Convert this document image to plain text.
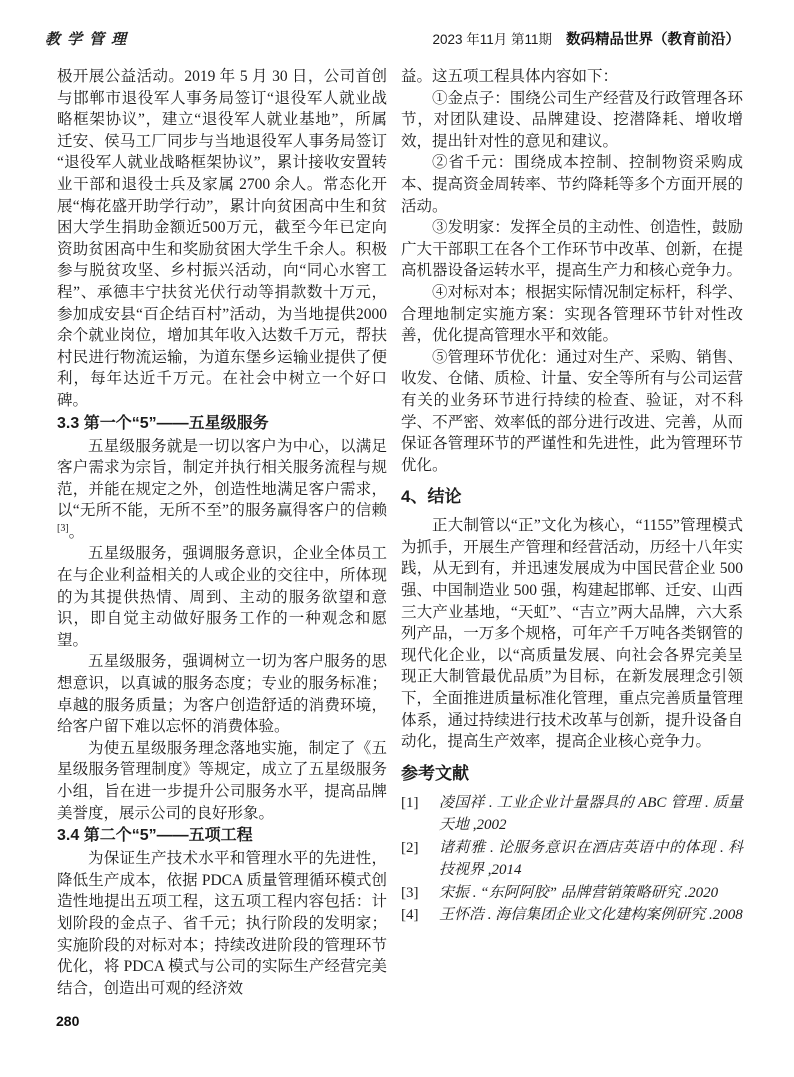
教学管理	2023 年11月 第11期 数码精品世界（教育前沿）

极开展公益活动。2019 年 5 月 30 日，公司首创与邯郸市退役军人事务局签订“退役军人就业战略框架协议”，建立“退役军人就业基地”，所属迁安、侯马工厂同步与当地退役军人事务局签订“退役军人就业战略框架协议”，累计接收安置转业干部和退役士兵及家属 2700 余人。常态化开展“梅花盛开助学行动”，累计向贫困高中生和贫困大学生捐助金额近500万元，截至今年已定向资助贫困高中生和奖励贫困大学生千余人。积极参与脱贫攻坚、乡村振兴活动，向“同心水窖工程”、承德丰宁扶贫光伏行动等捐款数十万元，参加成安县“百企结百村”活动，为当地提供2000余个就业岗位，增加其年收入达数千万元，帮扶村民进行物流运输，为道东堡乡运输业提供了便利，每年达近千万元。在社会中树立一个好口碑。

3.3 第一个“5”——五星级服务

五星级服务就是一切以客户为中心，以满足客户需求为宗旨，制定并执行相关服务流程与规范，并能在规定之外，创造性地满足客户需求，以“无所不能，无所不至”的服务赢得客户的信赖[3]。

五星级服务，强调服务意识，企业全体员工在与企业利益相关的人或企业的交往中，所体现的为其提供热情、周到、主动的服务欲望和意识，即自觉主动做好服务工作的一种观念和愿望。

五星级服务，强调树立一切为客户服务的思想意识，以真诚的服务态度；专业的服务标准；卓越的服务质量；为客户创造舒适的消费环境，给客户留下难以忘怀的消费体验。

为使五星级服务理念落地实施，制定了《五星级服务管理制度》等规定，成立了五星级服务小组，旨在进一步提升公司服务水平，提高品牌美誉度，展示公司的良好形象。

3.4 第二个“5”——五项工程

为保证生产技术水平和管理水平的先进性，降低生产成本，依据 PDCA 质量管理循环模式创造性地提出五项工程，这五项工程内容包括：计划阶段的金点子、省千元；执行阶段的发明家；实施阶段的对标对本；持续改进阶段的管理环节优化，将 PDCA 模式与公司的实际生产经营完美结合，创造出可观的经济效

益。这五项工程具体内容如下：

①金点子：围绕公司生产经营及行政管理各环节，对团队建设、品牌建设、挖潜降耗、增收增效，提出针对性的意见和建议。

②省千元：围绕成本控制、控制物资采购成本、提高资金周转率、节约降耗等多个方面开展的活动。

③发明家：发挥全员的主动性、创造性，鼓励广大干部职工在各个工作环节中改革、创新，在提高机器设备运转水平，提高生产力和核心竞争力。

④对标对本；根据实际情况制定标杆，科学、合理地制定实施方案：实现各管理环节针对性改善，优化提高管理水平和效能。

⑤管理环节优化：通过对生产、采购、销售、收发、仓储、质检、计量、安全等所有与公司运营有关的业务环节进行持续的检查、验证，对不科学、不严密、效率低的部分进行改进、完善，从而保证各管理环节的严谨性和先进性，此为管理环节优化。

4、结论

正大制管以“正”文化为核心，“1155”管理模式为抓手，开展生产管理和经营活动，历经十八年实践，从无到有，并迅速发展成为中国民营企业 500 强、中国制造业 500 强，构建起邯郸、迁安、山西三大产业基地，“天虹”、“吉立”两大品牌，六大系列产品，一万多个规格，可年产千万吨各类钢管的现代化企业，以“高质量发展、向社会各界完美呈现正大制管最优品质”为目标，在新发展理念引领下，全面推进质量标准化管理，重点完善质量管理体系，通过持续进行技术改革与创新，提升设备自动化，提高生产效率，提高企业核心竞争力。

参考文献
[1]	凌国祥 . 工业企业计量器具的 ABC 管理 . 质量天地 ,2002
[2]	诸莉雅 . 论服务意识在酒店英语中的体现 . 科技视界 ,2014
[3]	宋振 . “东阿阿胶” 品牌营销策略研究 .2020
[4]	王怀浩 . 海信集团企业文化建构案例研究 .2008
280
